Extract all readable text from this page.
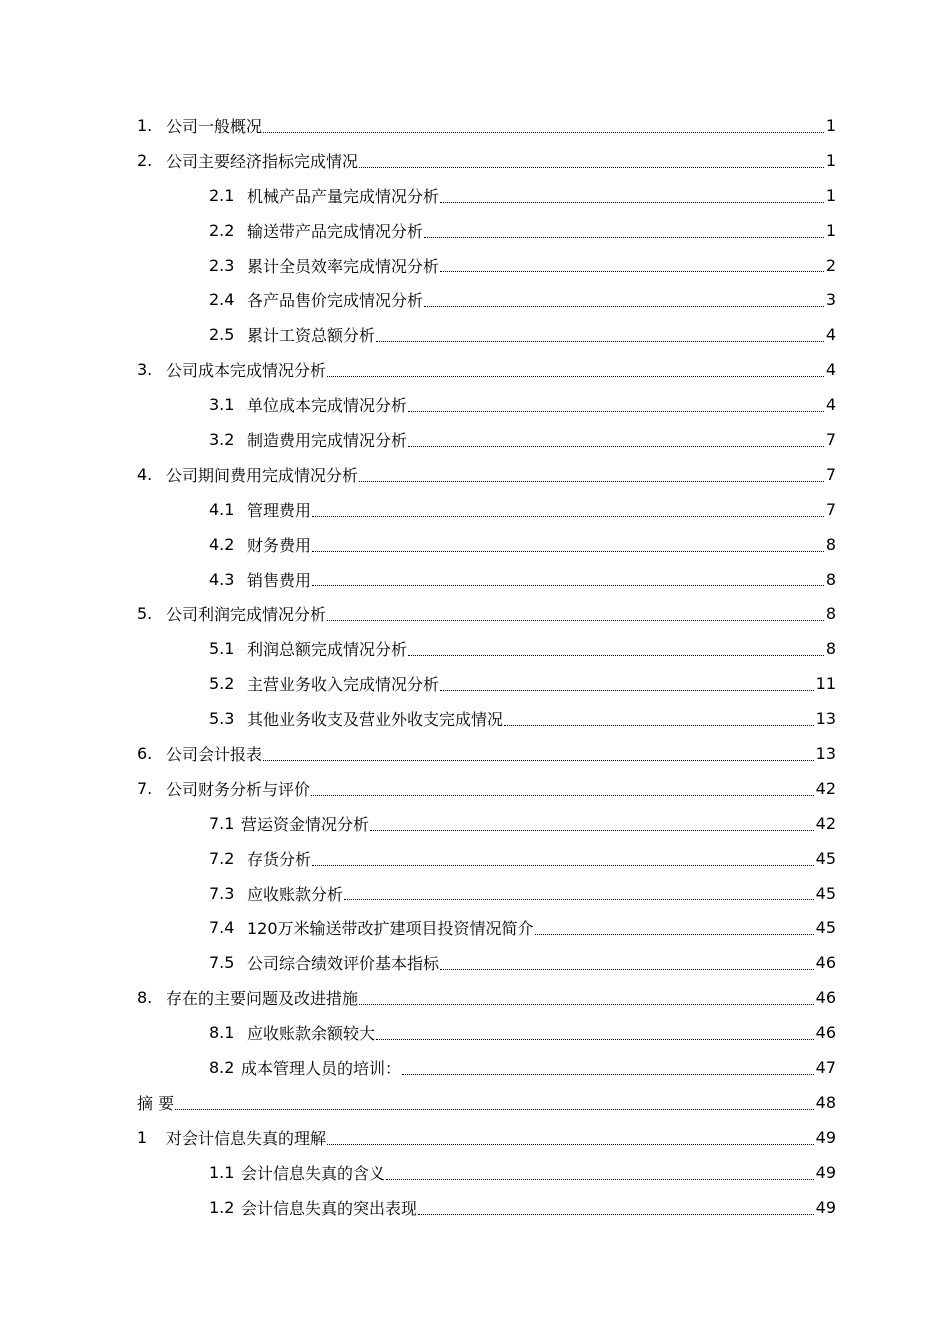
1. 公司一般概况	1
2. 公司主要经济指标完成情况	1
2.1 机械产品产量完成情况分析	1
2.2 输送带产品完成情况分析	1
2.3 累计全员效率完成情况分析	2
2.4 各产品售价完成情况分析	3
2.5 累计工资总额分析	4
3. 公司成本完成情况分析	4
3.1 单位成本完成情况分析	4
3.2 制造费用完成情况分析	7
4. 公司期间费用完成情况分析	7
4.1 管理费用	7
4.2 财务费用	8
4.3 销售费用	8
5. 公司利润完成情况分析	8
5.1 利润总额完成情况分析	8
5.2 主营业务收入完成情况分析	11
5.3 其他业务收支及营业外收支完成情况	13
6. 公司会计报表	13
7. 公司财务分析与评价	42
7.1 营运资金情况分析	42
7.2 存货分析	45
7.3 应收账款分析	45
7.4 120万米输送带改扩建项目投资情况简介	45
7.5 公司综合绩效评价基本指标	46
8. 存在的主要问题及改进措施	46
8.1 应收账款余额较大	46
8.2 成本管理人员的培训：	47
摘 要	48
1 对会计信息失真的理解	49
1.1 会计信息失真的含义	49
1.2 会计信息失真的突出表现	49
